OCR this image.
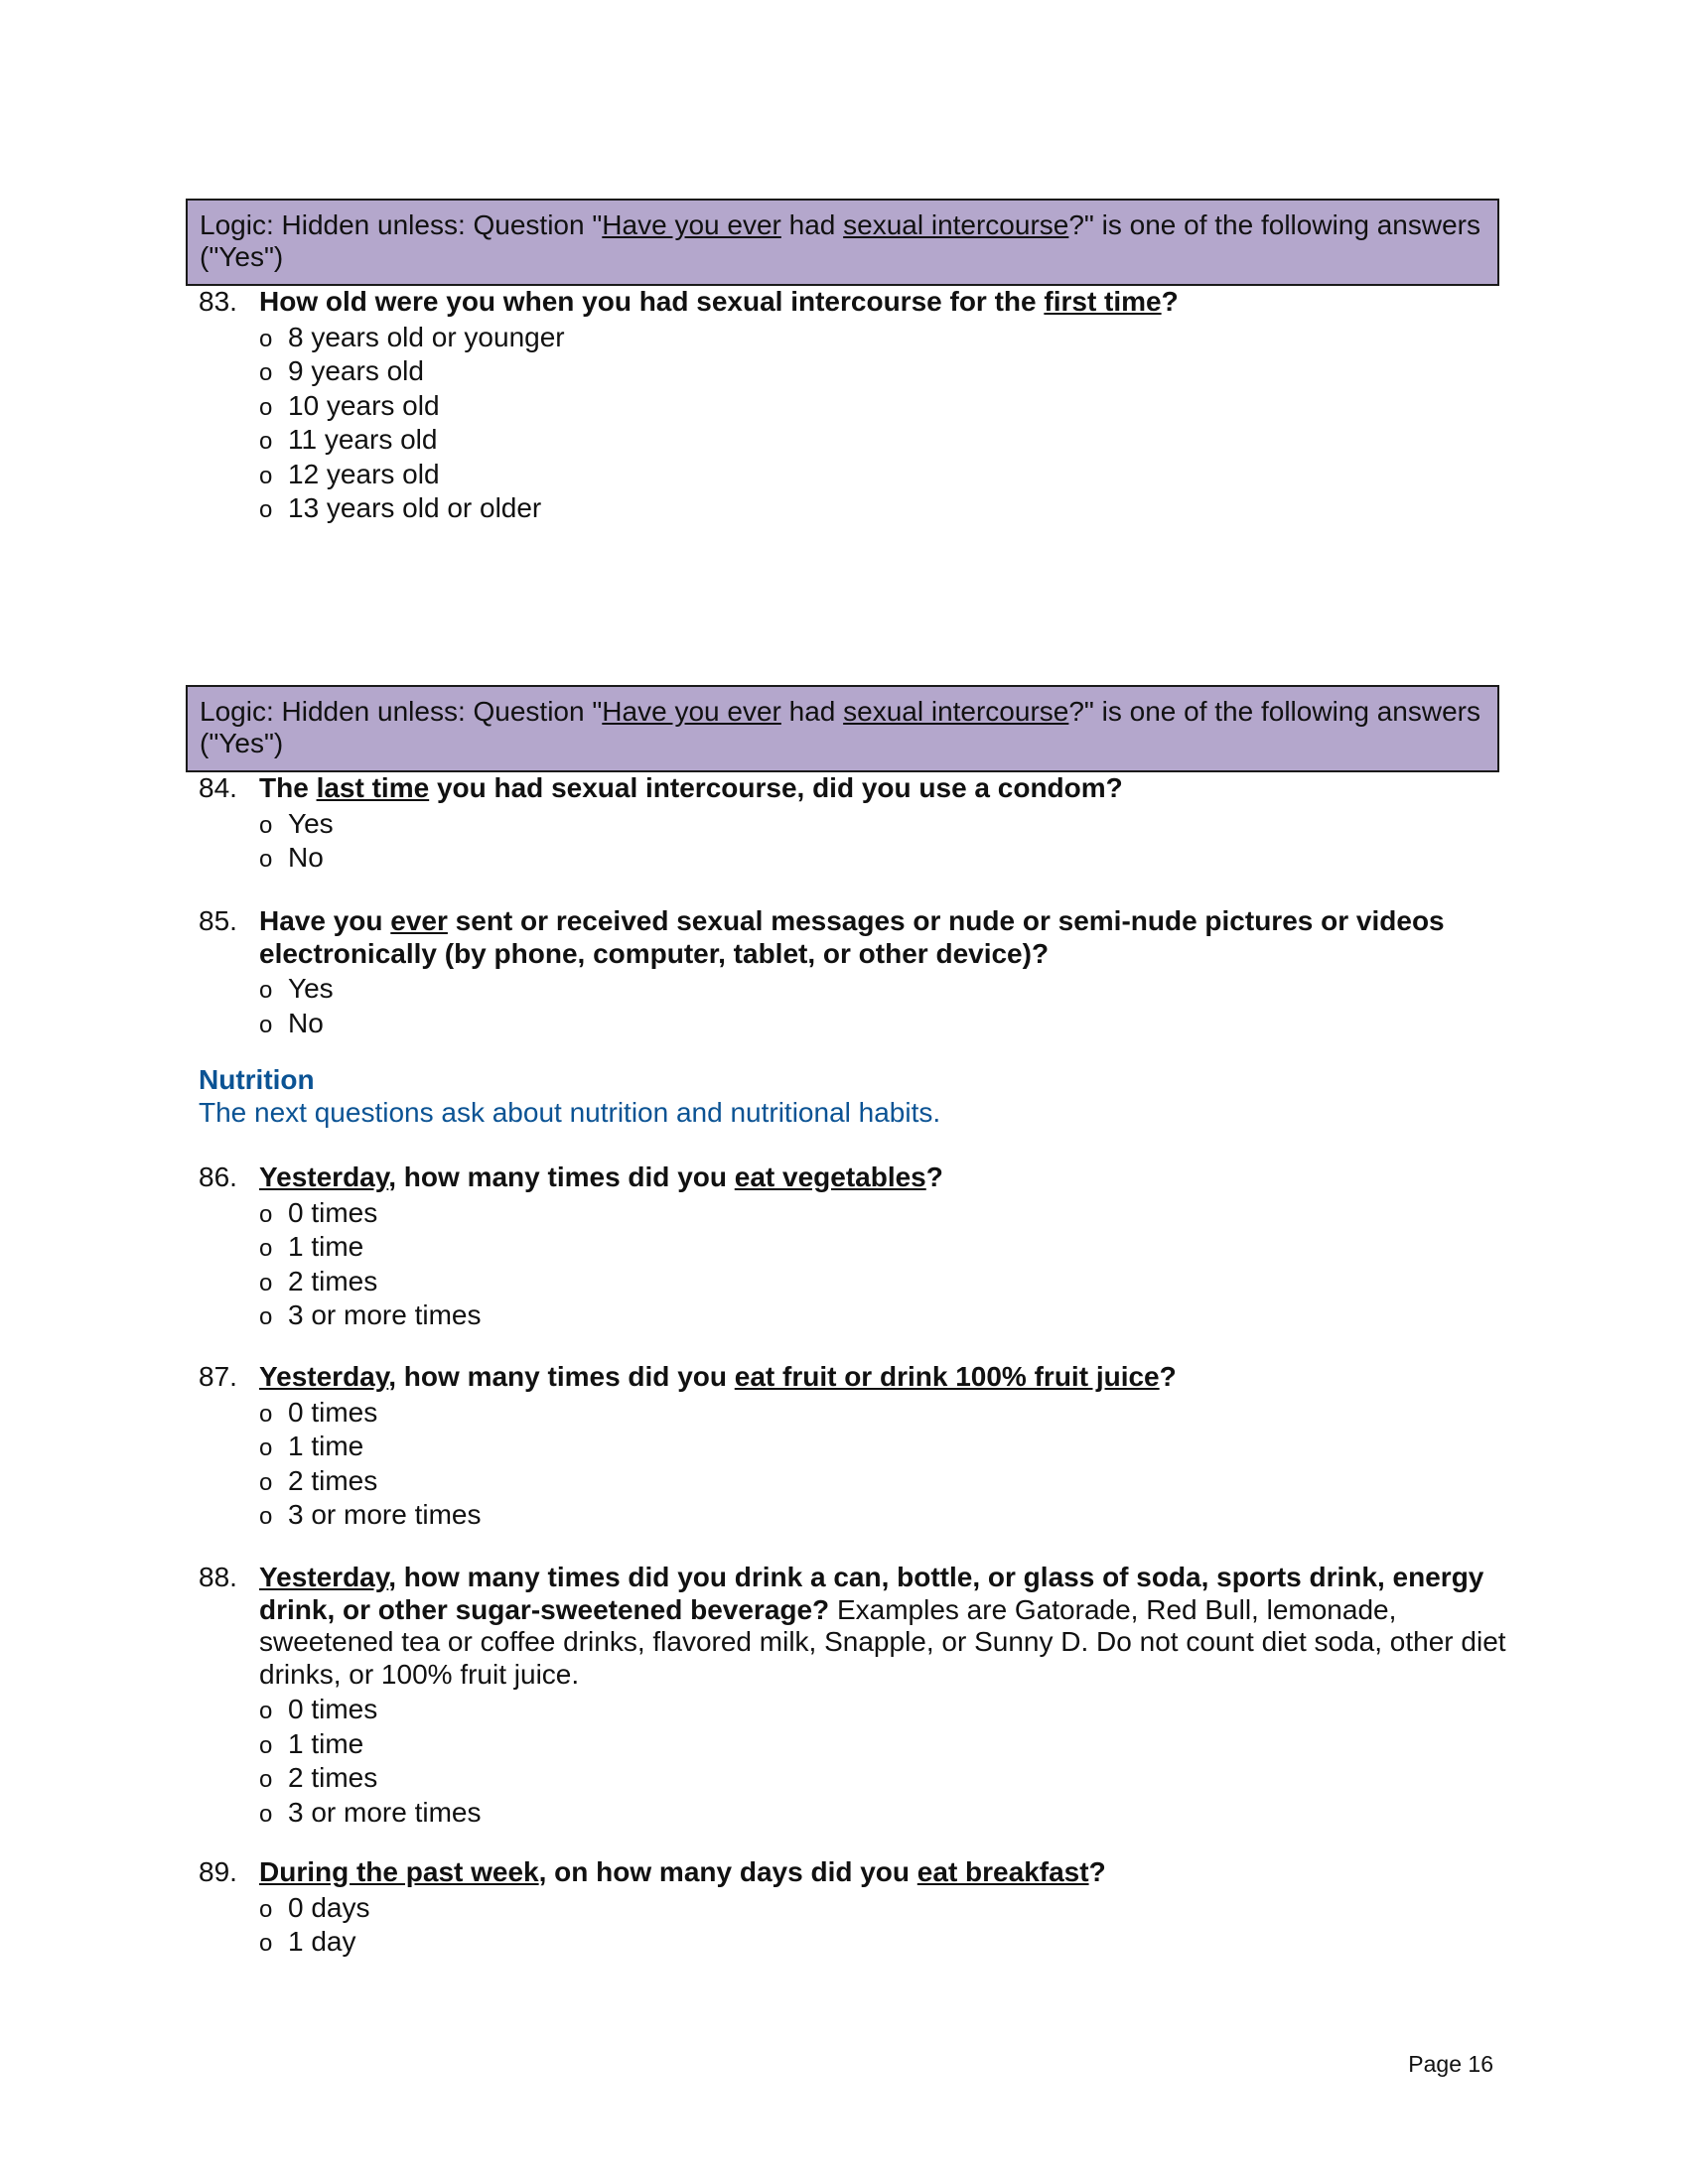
Logic: Hidden unless: Question "Have you ever had sexual intercourse?" is one of the following answers
("Yes")
83. How old were you when you had sexual intercourse for the first time?
o 8 years old or younger
o 9 years old
o 10 years old
o 11 years old
o 12 years old
o 13 years old or older
Logic: Hidden unless: Question "Have you ever had sexual intercourse?" is one of the following answers
("Yes")
84. The last time you had sexual intercourse, did you use a condom?
o Yes
o No
85. Have you ever sent or received sexual messages or nude or semi-nude pictures or videos electronically (by phone, computer, tablet, or other device)?
o Yes
o No
Nutrition
The next questions ask about nutrition and nutritional habits.
86. Yesterday, how many times did you eat vegetables?
o 0 times
o 1 time
o 2 times
o 3 or more times
87. Yesterday, how many times did you eat fruit or drink 100% fruit juice?
o 0 times
o 1 time
o 2 times
o 3 or more times
88. Yesterday, how many times did you drink a can, bottle, or glass of soda, sports drink, energy drink, or other sugar-sweetened beverage? Examples are Gatorade, Red Bull, lemonade, sweetened tea or coffee drinks, flavored milk, Snapple, or Sunny D. Do not count diet soda, other diet drinks, or 100% fruit juice.
o 0 times
o 1 time
o 2 times
o 3 or more times
89. During the past week, on how many days did you eat breakfast?
o 0 days
o 1 day
Page 16
